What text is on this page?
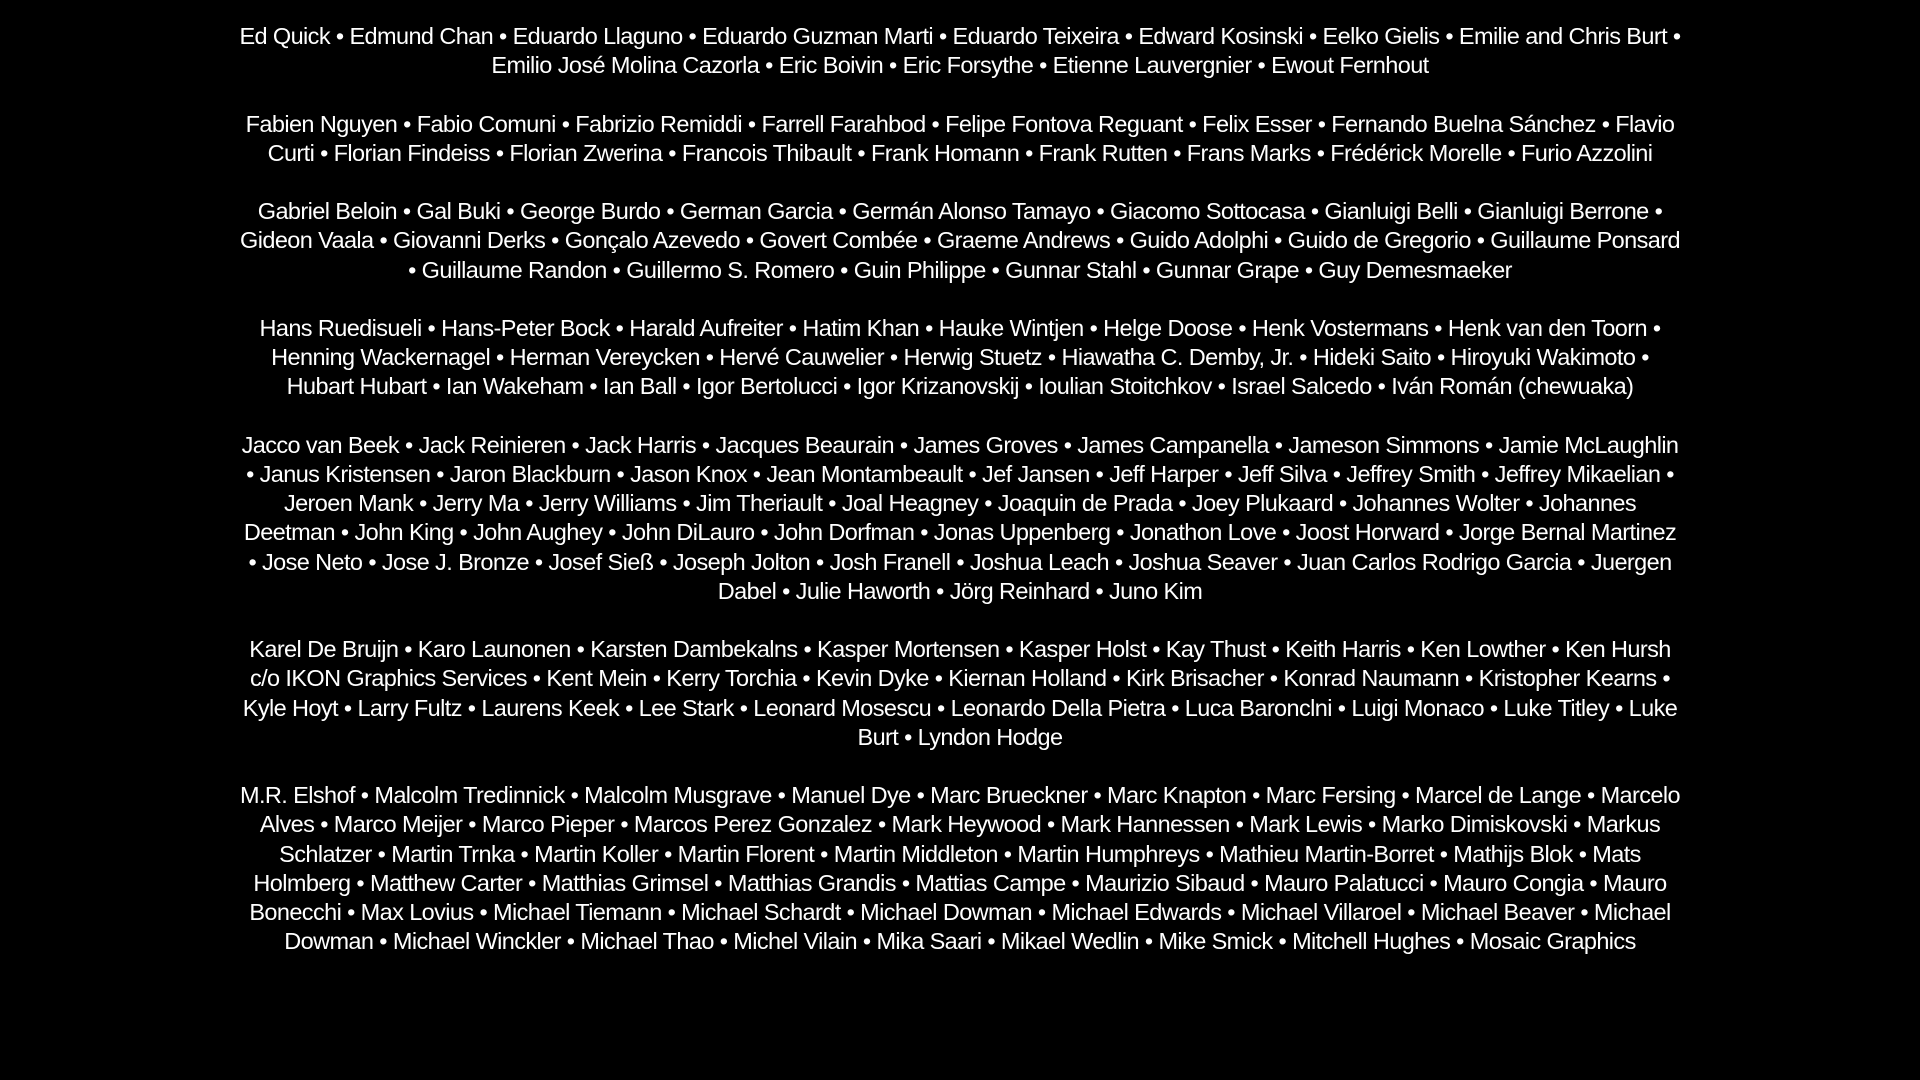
Ed Quick • Edmund Chan • Eduardo Llaguno • Eduardo Guzman Marti • Eduardo Teixeira • Edward Kosinski • Eelko Gielis • Emilie and Chris Burt • Emilio José Molina Cazorla • Eric Boivin • Eric Forsythe • Etienne Lauvergnier • Ewout Fernhout

Fabien Nguyen • Fabio Comuni • Fabrizio Remiddi • Farrell Farahbod • Felipe Fontova Reguant • Felix Esser • Fernando Buelna Sánchez • Flavio Curti • Florian Findeiss • Florian Zwerina • Francois Thibault • Frank Homann • Frank Rutten • Frans Marks • Frédérick Morelle • Furio Azzolini

Gabriel Beloin • Gal Buki • George Burdo • German Garcia • Germán Alonso Tamayo • Giacomo Sottocasa • Gianluigi Belli • Gianluigi Berrone • Gideon Vaala • Giovanni Derks • Gonçalo Azevedo • Govert Combée • Graeme Andrews • Guido Adolphi • Guido de Gregorio • Guillaume Ponsard • Guillaume Randon • Guillermo S. Romero • Guin Philippe • Gunnar Stahl • Gunnar Grape • Guy Demesmaeker

Hans Ruedisueli • Hans-Peter Bock • Harald Aufreiter • Hatim Khan • Hauke Wintjen • Helge Doose • Henk Vostermans • Henk van den Toorn • Henning Wackernagel • Herman Vereycken • Hervé Cauwelier • Herwig Stuetz • Hiawatha C. Demby, Jr. • Hideki Saito • Hiroyuki Wakimoto • Hubart Hubart • Ian Wakeham • Ian Ball • Igor Bertolucci • Igor Krizanovskij • Ioulian Stoitchkov • Israel Salcedo • Iván Román (chewuaka)

Jacco van Beek • Jack Reinieren • Jack Harris • Jacques Beaurain • James Groves • James Campanella • Jameson Simmons • Jamie McLaughlin • Janus Kristensen • Jaron Blackburn • Jason Knox • Jean Montambeault • Jef Jansen • Jeff Harper • Jeff Silva • Jeffrey Smith • Jeffrey Mikaelian • Jeroen Mank • Jerry Ma • Jerry Williams • Jim Theriault • Joal Heagney • Joaquin de Prada • Joey Plukaard • Johannes Wolter • Johannes Deetman • John King • John Aughey • John DiLauro • John Dorfman • Jonas Uppenberg • Jonathon Love • Joost Horward • Jorge Bernal Martinez • Jose Neto • Jose J. Bronze • Josef Sieß • Joseph Jolton • Josh Franell • Joshua Leach • Joshua Seaver • Juan Carlos Rodrigo Garcia • Juergen Dabel • Julie Haworth • Jörg Reinhard • Juno Kim

Karel De Bruijn • Karo Launonen • Karsten Dambekalns • Kasper Mortensen • Kasper Holst • Kay Thust • Keith Harris • Ken Lowther • Ken Hursh c/o IKON Graphics Services • Kent Mein • Kerry Torchia • Kevin Dyke • Kiernan Holland • Kirk Brisacher • Konrad Naumann • Kristopher Kearns • Kyle Hoyt • Larry Fultz • Laurens Keek • Lee Stark • Leonard Mosescu • Leonardo Della Pietra • Luca Baronclni • Luigi Monaco • Luke Titley • Luke Burt • Lyndon Hodge

M.R. Elshof • Malcolm Tredinnick • Malcolm Musgrave • Manuel Dye • Marc Brueckner • Marc Knapton • Marc Fersing • Marcel de Lange • Marcelo Alves • Marco Meijer • Marco Pieper • Marcos Perez Gonzalez • Mark Heywood • Mark Hannessen • Mark Lewis • Marko Dimiskovski • Markus Schlatzer • Martin Trnka • Martin Koller • Martin Florent • Martin Middleton • Martin Humphreys • Mathieu Martin-Borret • Mathijs Blok • Mats Holmberg • Matthew Carter • Matthias Grimsel • Matthias Grandis • Mattias Campe • Maurizio Sibaud • Mauro Palatucci • Mauro Congia • Mauro Bonecchi • Max Lovius • Michael Tiemann • Michael Schardt • Michael Dowman • Michael Edwards • Michael Villaroel • Michael Beaver • Michael Dowman • Michael Winckler • Michael Thao • Michel Vilain • Mika Saari • Mikael Wedlin • Mike Smick • Mitchell Hughes • Mosaic Graphics
